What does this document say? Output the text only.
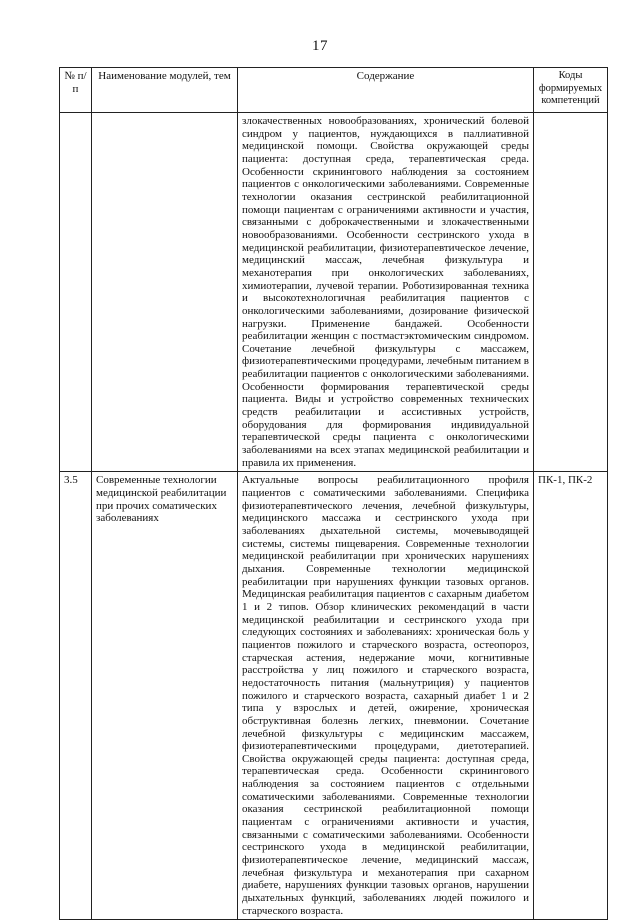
17
№ п/п	Наименование модулей, тем	Содержание	Коды формируемых компетенций
		злокачественных новообразованиях, хронический болевой синдром у пациентов, нуждающихся в паллиативной медицинской помощи. Свойства окружающей среды пациента: доступная среда, терапевтическая среда. Особенности скринингового наблюдения за состоянием пациентов с онкологическими заболеваниями. Современные технологии оказания сестринской реабилитационной помощи пациентам с ограничениями активности и участия, связанными с доброкачественными и злокачественными новообразованиями. Особенности сестринского ухода в медицинской реабилитации, физиотерапевтическое лечение, медицинский массаж, лечебная физкультура и механотерапия при онкологических заболеваниях, химиотерапии, лучевой терапии. Роботизированная техника и высокотехнологичная реабилитация пациентов с онкологическими заболеваниями, дозирование физической нагрузки. Применение бандажей. Особенности реабилитации женщин с постмастэктомическим синдромом. Сочетание лечебной физкультуры с массажем, физиотерапевтическими процедурами, лечебным питанием в реабилитации пациентов с онкологическими заболеваниями. Особенности формирования терапевтической среды пациента. Виды и устройство современных технических средств реабилитации и ассистивных устройств, оборудования для формирования индивидуальной терапевтической среды пациента с онкологическими заболеваниями на всех этапах медицинской реабилитации и правила их применения.	
3.5	Современные технологии медицинской реабилитации при прочих соматических заболеваниях	Актуальные вопросы реабилитационного профиля пациентов с соматическими заболеваниями. Специфика физиотерапевтического лечения, лечебной физкультуры, медицинского массажа и сестринского ухода при заболеваниях дыхательной системы, мочевыводящей системы, системы пищеварения. Современные технологии медицинской реабилитации при хронических нарушениях дыхания. Современные технологии медицинской реабилитации при нарушениях функции тазовых органов. Медицинская реабилитация пациентов с сахарным диабетом 1 и 2 типов. Обзор клинических рекомендаций в части медицинской реабилитации и сестринского ухода при следующих состояниях и заболеваниях: хроническая боль у пациентов пожилого и старческого возраста, остеопороз, старческая астения, недержание мочи, когнитивные расстройства у лиц пожилого и старческого возраста, недостаточность питания (мальнутриция) у пациентов пожилого и старческого возраста, сахарный диабет 1 и 2 типа у взрослых и детей, ожирение, хроническая обструктивная болезнь легких, пневмонии. Сочетание лечебной физкультуры с медицинским массажем, физиотерапевтическими процедурами, диетотерапией. Свойства окружающей среды пациента: доступная среда, терапевтическая среда. Особенности скринингового наблюдения за состоянием пациентов с отдельными соматическими заболеваниями. Современные технологии оказания сестринской реабилитационной помощи пациентам с ограничениями активности и участия, связанными с соматическими заболеваниями. Особенности сестринского ухода в медицинской реабилитации, физиотерапевтическое лечение, медицинский массаж, лечебная физкультура и механотерапия при сахарном диабете, нарушениях функции тазовых органов, нарушении дыхательных функций, заболеваниях людей пожилого и старческого возраста.	ПК-1, ПК-2
